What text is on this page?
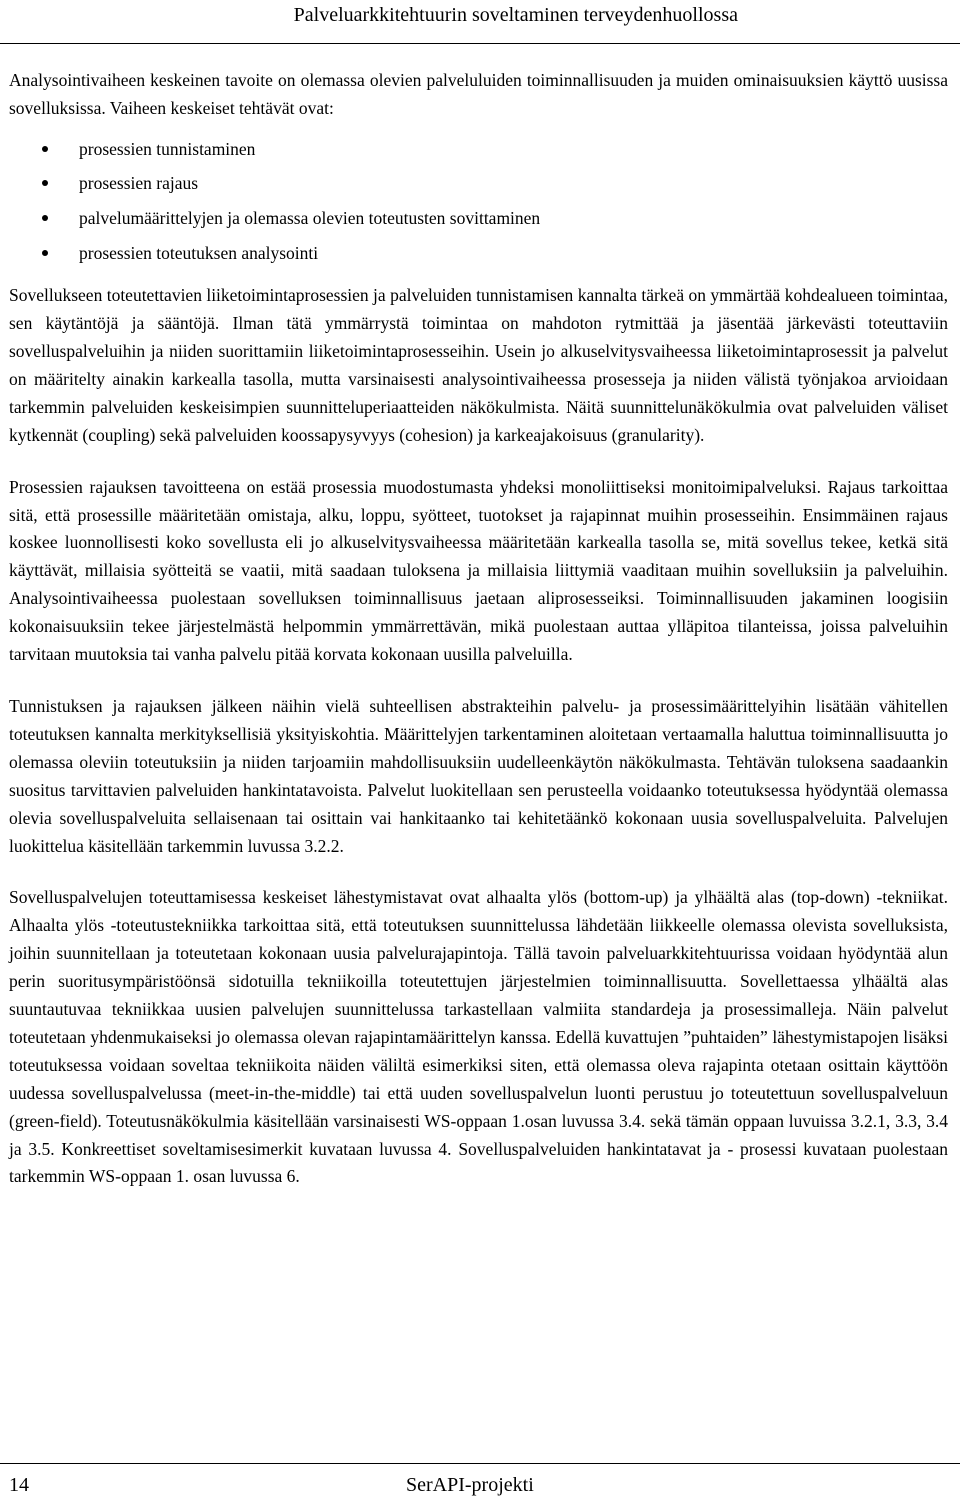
Palveluarkkitehtuurin soveltaminen terveydenhuollossa

Analysointivaiheen keskeinen tavoite on olemassa olevien palveluluiden toiminnallisuuden ja muiden ominaisuuksien käyttö uusissa sovelluksissa. Vaiheen keskeiset tehtävät ovat:

prosessien tunnistaminen
prosessien rajaus
palvelumäärittelyjen ja olemassa olevien toteutusten sovittaminen
prosessien toteutuksen analysointi

Sovellukseen toteutettavien liiketoimintaprosessien ja palveluiden tunnistamisen kannalta tärkeä on ymmärtää kohdealueen toimintaa, sen käytäntöjä ja sääntöjä. Ilman tätä ymmärrystä toimintaa on mahdoton rytmittää ja jäsentää järkevästi toteuttaviin sovelluspalveluihin ja niiden suorittamiin liiketoimintaprosesseihin. Usein jo alkuselvitysvaiheessa liiketoimintaprosessit ja palvelut on määritelty ainakin karkealla tasolla, mutta varsinaisesti analysointivaiheessa prosesseja ja niiden välistä työnjakoa arvioidaan tarkemmin palveluiden keskeisimpien suunnitteluperiaatteiden näkökulmista. Näitä suunnittelunäkökulmia ovat palveluiden väliset kytkennät (coupling) sekä palveluiden koossapysyvyys (cohesion) ja karkeajakoisuus (granularity).

Prosessien rajauksen tavoitteena on estää prosessia muodostumasta yhdeksi monoliittiseksi monitoimipalveluksi. Rajaus tarkoittaa sitä, että prosessille määritetään omistaja, alku, loppu, syötteet, tuotokset ja rajapinnat muihin prosesseihin. Ensimmäinen rajaus koskee luonnollisesti koko sovellusta eli jo alkuselvitysvaiheessa määritetään karkealla tasolla se, mitä sovellus tekee, ketkä sitä käyttävät, millaisia syötteitä se vaatii, mitä saadaan tuloksena ja millaisia liittymiä vaaditaan muihin sovelluksiin ja palveluihin. Analysointivaiheessa puolestaan sovelluksen toiminnallisuus jaetaan aliprosesseiksi. Toiminnallisuuden jakaminen loogisiin kokonaisuuksiin tekee järjestelmästä helpommin ymmärrettävän, mikä puolestaan auttaa ylläpitoa tilanteissa, joissa palveluihin tarvitaan muutoksia tai vanha palvelu pitää korvata kokonaan uusilla palveluilla.

Tunnistuksen ja rajauksen jälkeen näihin vielä suhteellisen abstrakteihin palvelu- ja prosessimäärittelyihin lisätään vähitellen toteutuksen kannalta merkityksellisiä yksityiskohtia. Määrittelyjen tarkentaminen aloitetaan vertaamalla haluttua toiminnallisuutta jo olemassa oleviin toteutuksiin ja niiden tarjoamiin mahdollisuuksiin uudelleenkäytön näkökulmasta. Tehtävän tuloksena saadaankin suositus tarvittavien palveluiden hankintatavoista. Palvelut luokitellaan sen perusteella voidaanko toteutuksessa hyödyntää olemassa olevia sovelluspalveluita sellaisenaan tai osittain vai hankitaanko tai kehitetäänkö kokonaan uusia sovelluspalveluita. Palvelujen luokittelua käsitellään tarkemmin luvussa 3.2.2.

Sovelluspalvelujen toteuttamisessa keskeiset lähestymistavat ovat alhaalta ylös (bottom-up) ja ylhäältä alas (top-down) -tekniikat. Alhaalta ylös -toteutustekniikka tarkoittaa sitä, että toteutuksen suunnittelussa lähdetään liikkeelle olemassa olevista sovelluksista, joihin suunnitellaan ja toteutetaan kokonaan uusia palvelurajapintoja. Tällä tavoin palveluarkkitehtuurissa voidaan hyödyntää alun perin suoritusympäristöönsä sidotuilla tekniikoilla toteutettujen järjestelmien toiminnallisuutta. Sovellettaessa ylhäältä alas suuntautuvaa tekniikkaa uusien palvelujen suunnittelussa tarkastellaan valmiita standardeja ja prosessimalleja. Näin palvelut toteutetaan yhdenmukaiseksi jo olemassa olevan rajapintamäärittelyn kanssa. Edellä kuvattujen ”puhtaiden” lähestymistapojen lisäksi toteutuksessa voidaan soveltaa tekniikoita näiden väliltä esimerkiksi siten, että olemassa oleva rajapinta otetaan osittain käyttöön uudessa sovelluspalvelussa (meet-in-the-middle) tai että uuden sovelluspalvelun luonti perustuu jo toteutettuun sovelluspalveluun (green-field). Toteutusnäkökulmia käsitellään varsinaisesti WS-oppaan 1.osan luvussa 3.4. sekä tämän oppaan luvuissa 3.2.1, 3.3, 3.4 ja 3.5. Konkreettiset soveltamisesimerkit kuvataan luvussa 4. Sovelluspalveluiden hankintatavat ja - prosessi kuvataan puolestaan tarkemmin WS-oppaan 1. osan luvussa 6.

14	SerAPI-projekti
